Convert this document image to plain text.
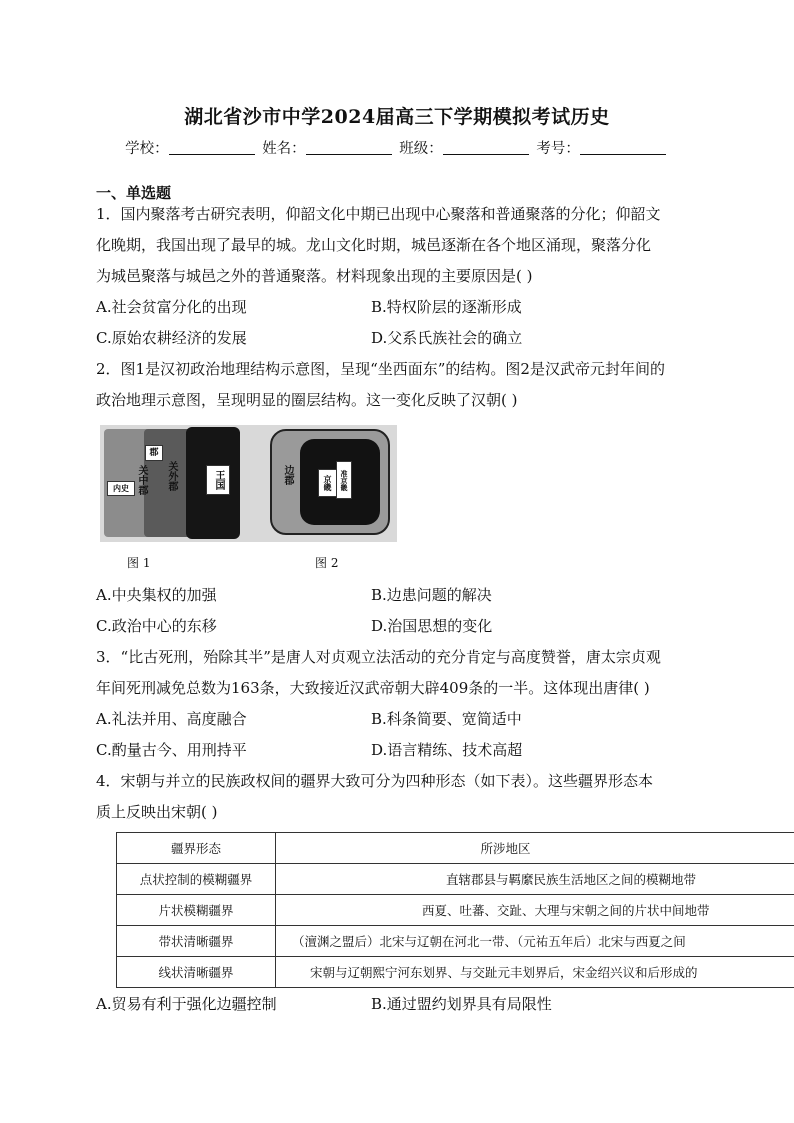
湖北省沙市中学2024届高三下学期模拟考试历史
学校：	姓名：	班级：	考号：
一、单选题
1．国内聚落考古研究表明，仰韶文化中期已出现中心聚落和普通聚落的分化；仰韶文
化晚期，我国出现了最早的城。龙山文化时期，城邑逐渐在各个地区涌现，聚落分化
为城邑聚落与城邑之外的普通聚落。材料现象出现的主要原因是( )
A.社会贫富分化的出现	B.特权阶层的逐渐形成
C.原始农耕经济的发展	D.父系氏族社会的确立
2．图1是汉初政治地理结构示意图，呈现“坐西面东”的结构。图2是汉武帝元封年间的
政治地理示意图，呈现明显的圈层结构。这一变化反映了汉朝( )
郡
关中郡
内史	关外郡	王国	边郡	京畿	准京畿
图 1	图 2
A.中央集权的加强	B.边患问题的解决
C.政治中心的东移	D.治国思想的变化
3．“比古死刑，殆除其半”是唐人对贞观立法活动的充分肯定与高度赞誉，唐太宗贞观
年间死刑减免总数为163条，大致接近汉武帝朝大辟409条的一半。这体现出唐律( )
A.礼法并用、高度融合	B.科条简要、宽简适中
C.酌量古今、用刑持平	D.语言精练、技术高超
4．宋朝与并立的民族政权间的疆界大致可分为四种形态（如下表）。这些疆界形态本
质上反映出宋朝( )
疆界形态	所涉地区
点状控制的模糊疆界	直辖郡县与羁縻民族生活地区之间的模糊地带
片状模糊疆界	西夏、吐蕃、交趾、大理与宋朝之间的片状中间地带
带状清晰疆界	（澶渊之盟后）北宋与辽朝在河北一带、（元祐五年后）北宋与西夏之间
线状清晰疆界	宋朝与辽朝熙宁河东划界、与交趾元丰划界后，宋金绍兴议和后形成的
A.贸易有利于强化边疆控制	B.通过盟约划界具有局限性
